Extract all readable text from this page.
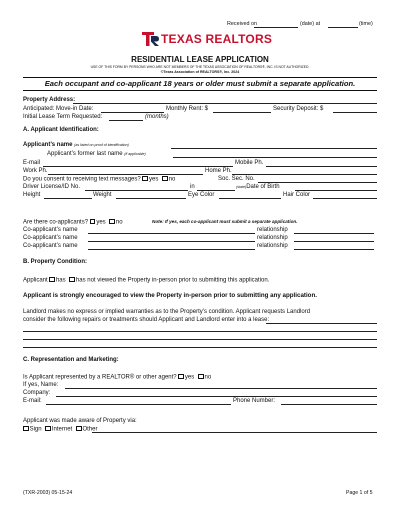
Received on	(date) at	(time)
TEXAS REALTORS
RESIDENTIAL LEASE APPLICATION
USE OF THIS FORM BY PERSONS WHO ARE NOT MEMBERS OF THE TEXAS ASSOCIATION OF REALTORS®, INC. IS NOT AUTHORIZED.
©Texas Association of REALTORS®, Inc. 2024
Each occupant and co-applicant 18 years or older must submit a separate application.
Property Address:
Anticipated: Move-in Date:	Monthly Rent: $	Security Deposit: $
Initial Lease Term Requested:	(months)
A. Applicant Identification:
Applicant’s name (as listed on proof of identification)
Applicant’s former last name (if applicable)
E-mail	Mobile Ph.
Work Ph.	Home Ph.
Do you consent to receiving text messages? yes no	Soc. Sec. No.
Driver License/ID No.	in	(state)Date of Birth
Height	Weight	Eye Color	Hair Color
Are there co-applicants? yes no	Note: If yes, each co-applicant must submit a separate application.
Co-applicant’s name	relationship
Co-applicant’s name	relationship
Co-applicant’s name	relationship
B. Property Condition:
Applicant has has not viewed the Property in-person prior to submitting this application.
Applicant is strongly encouraged to view the Property in-person prior to submitting any application.
Landlord makes no express or implied warranties as to the Property’s condition. Applicant requests Landlord
consider the following repairs or treatments should Applicant and Landlord enter into a lease:
C. Representation and Marketing:
Is Applicant represented by a REALTOR® or other agent? yes no
If yes, Name:
Company:
E-mail:	Phone Number:
Applicant was made aware of Property via:
Sign Internet Other
(TXR-2003) 05-15-24	Page 1 of 5
